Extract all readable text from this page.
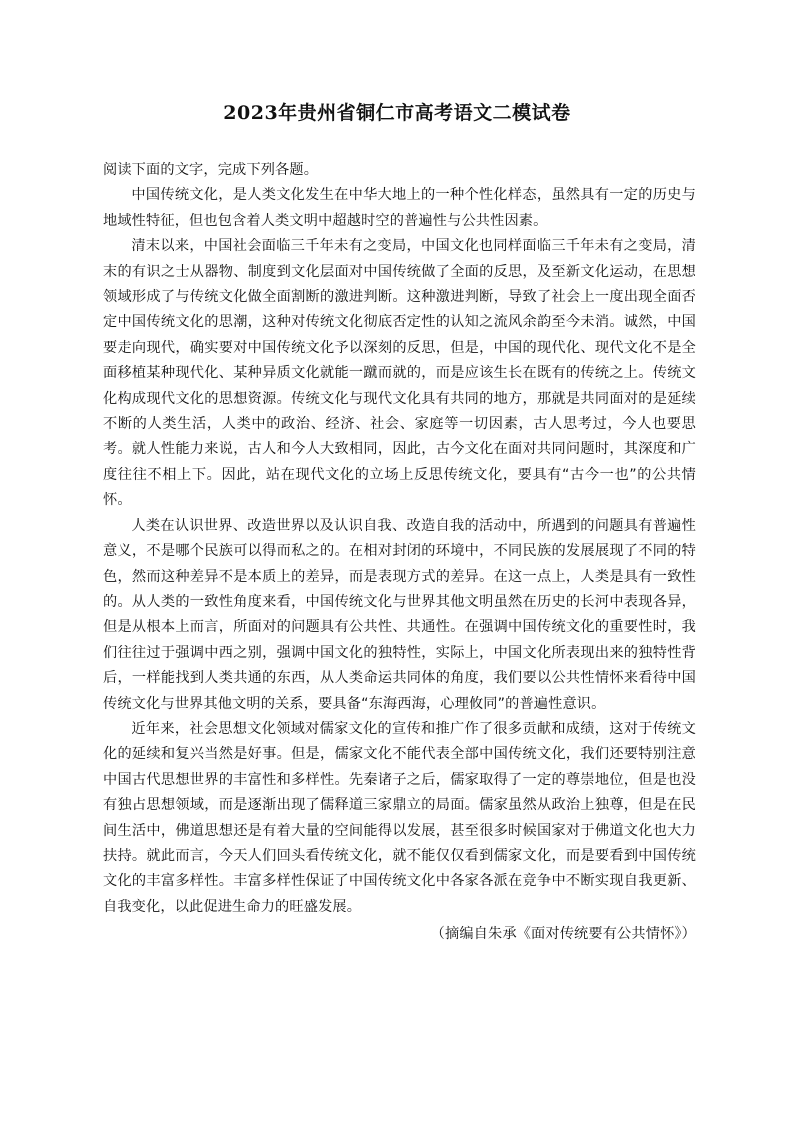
2023年贵州省铜仁市高考语文二模试卷

阅读下面的文字，完成下列各题。

中国传统文化，是人类文化发生在中华大地上的一种个性化样态，虽然具有一定的历史与地域性特征，但也包含着人类文明中超越时空的普遍性与公共性因素。

清末以来，中国社会面临三千年未有之变局，中国文化也同样面临三千年未有之变局，清末的有识之士从器物、制度到文化层面对中国传统做了全面的反思，及至新文化运动，在思想领域形成了与传统文化做全面割断的激进判断。这种激进判断，导致了社会上一度出现全面否定中国传统文化的思潮，这种对传统文化彻底否定性的认知之流风余韵至今未消。诚然，中国要走向现代，确实要对中国传统文化予以深刻的反思，但是，中国的现代化、现代文化不是全面移植某种现代化、某种异质文化就能一蹴而就的，而是应该生长在既有的传统之上。传统文化构成现代文化的思想资源。传统文化与现代文化具有共同的地方，那就是共同面对的是延续不断的人类生活，人类中的政治、经济、社会、家庭等一切因素，古人思考过，今人也要思考。就人性能力来说，古人和今人大致相同，因此，古今文化在面对共同问题时，其深度和广度往往不相上下。因此，站在现代文化的立场上反思传统文化，要具有“古今一也”的公共情怀。

人类在认识世界、改造世界以及认识自我、改造自我的活动中，所遇到的问题具有普遍性意义，不是哪个民族可以得而私之的。在相对封闭的环境中，不同民族的发展展现了不同的特色，然而这种差异不是本质上的差异，而是表现方式的差异。在这一点上，人类是具有一致性的。从人类的一致性角度来看，中国传统文化与世界其他文明虽然在历史的长河中表现各异，但是从根本上而言，所面对的问题具有公共性、共通性。在强调中国传统文化的重要性时，我们往往过于强调中西之别，强调中国文化的独特性，实际上，中国文化所表现出来的独特性背后，一样能找到人类共通的东西，从人类命运共同体的角度，我们要以公共性情怀来看待中国传统文化与世界其他文明的关系，要具备“东海西海，心理攸同”的普遍性意识。

近年来，社会思想文化领域对儒家文化的宣传和推广作了很多贡献和成绩，这对于传统文化的延续和复兴当然是好事。但是，儒家文化不能代表全部中国传统文化，我们还要特别注意中国古代思想世界的丰富性和多样性。先秦诸子之后，儒家取得了一定的尊崇地位，但是也没有独占思想领域，而是逐渐出现了儒释道三家鼎立的局面。儒家虽然从政治上独尊，但是在民间生活中，佛道思想还是有着大量的空间能得以发展，甚至很多时候国家对于佛道文化也大力扶持。就此而言，今天人们回头看传统文化，就不能仅仅看到儒家文化，而是要看到中国传统文化的丰富多样性。丰富多样性保证了中国传统文化中各家各派在竞争中不断实现自我更新、自我变化，以此促进生命力的旺盛发展。

（摘编自朱承《面对传统要有公共情怀》）
